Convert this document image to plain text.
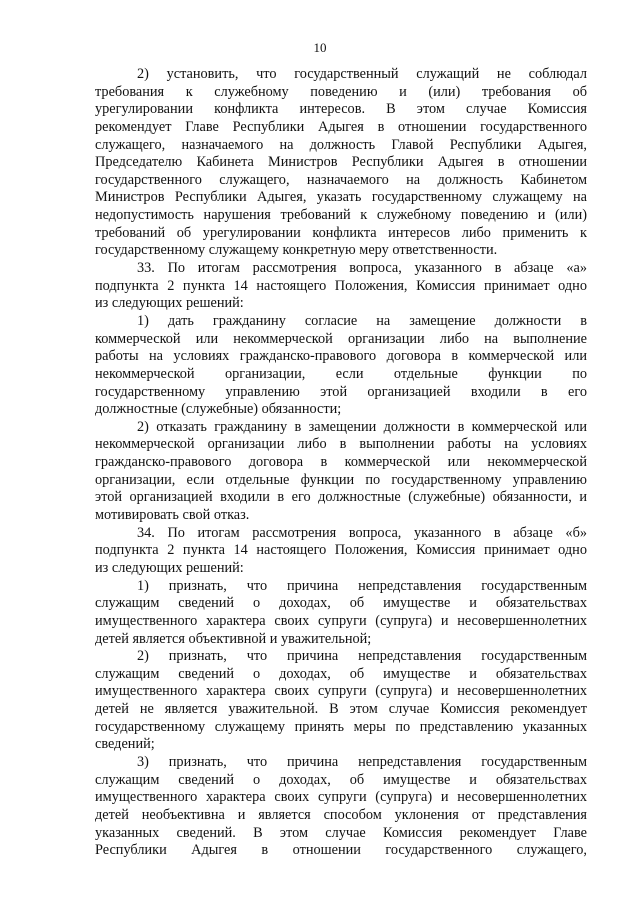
10
2) установить, что государственный служащий не соблюдал
требования к служебному поведению и (или) требования об
урегулировании конфликта интересов. В этом случае Комиссия
рекомендует Главе Республики Адыгея в отношении государственного
служащего, назначаемого на должность Главой Республики Адыгея,
Председателю Кабинета Министров Республики Адыгея в отношении
государственного служащего, назначаемого на должность Кабинетом
Министров Республики Адыгея, указать государственному служащему на
недопустимость нарушения требований к служебному поведению и (или)
требований об урегулировании конфликта интересов либо применить к
государственному служащему конкретную меру ответственности.
33. По итогам рассмотрения вопроса, указанного в абзаце «а»
подпункта 2 пункта 14 настоящего Положения, Комиссия принимает одно
из следующих решений:
1) дать гражданину согласие на замещение должности в
коммерческой или некоммерческой организации либо на выполнение
работы на условиях гражданско-правового договора в коммерческой или
некоммерческой организации, если отдельные функции по
государственному управлению этой организацией входили в его
должностные (служебные) обязанности;
2) отказать гражданину в замещении должности в коммерческой или
некоммерческой организации либо в выполнении работы на условиях
гражданско-правового договора в коммерческой или некоммерческой
организации, если отдельные функции по государственному управлению
этой организацией входили в его должностные (служебные) обязанности, и
мотивировать свой отказ.
34. По итогам рассмотрения вопроса, указанного в абзаце «б»
подпункта 2 пункта 14 настоящего Положения, Комиссия принимает одно
из следующих решений:
1) признать, что причина непредставления государственным
служащим сведений о доходах, об имуществе и обязательствах
имущественного характера своих супруги (супруга) и несовершеннолетних
детей является объективной и уважительной;
2) признать, что причина непредставления государственным
служащим сведений о доходах, об имуществе и обязательствах
имущественного характера своих супруги (супруга) и несовершеннолетних
детей не является уважительной. В этом случае Комиссия рекомендует
государственному служащему принять меры по представлению указанных
сведений;
3) признать, что причина непредставления государственным
служащим сведений о доходах, об имуществе и обязательствах
имущественного характера своих супруги (супруга) и несовершеннолетних
детей необъективна и является способом уклонения от представления
указанных сведений. В этом случае Комиссия рекомендует Главе
Республики Адыгея в отношении государственного служащего,
